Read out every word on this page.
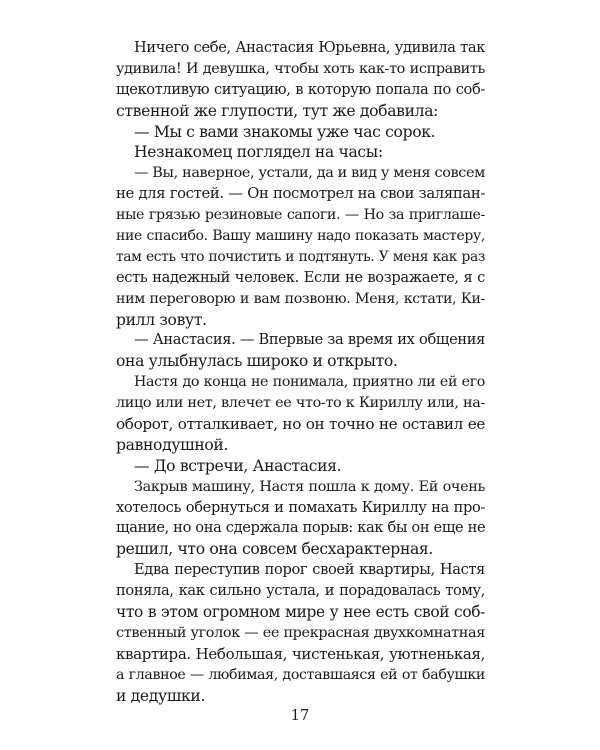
Ничего себе, Анастасия Юрьевна, удивила так
удивила! И девушка, чтобы хоть как-то исправить
щекотливую ситуацию, в которую попала по соб-
ственной же глупости, тут же добавила:
— Мы с вами знакомы уже час сорок.
Незнакомец поглядел на часы:
— Вы, наверное, устали, да и вид у меня совсем
не для гостей. — Он посмотрел на свои заляпан-
ные грязью резиновые сапоги. — Но за приглаше-
ние спасибо. Вашу машину надо показать мастеру,
там есть что почистить и подтянуть. У меня как раз
есть надежный человек. Если не возражаете, я с
ним переговорю и вам позвоню. Меня, кстати, Ки-
рилл зовут.
— Анастасия. — Впервые за время их общения
она улыбнулась широко и открыто.
Настя до конца не понимала, приятно ли ей его
лицо или нет, влечет ее что-то к Кириллу или, на-
оборот, отталкивает, но он точно не оставил ее
равнодушной.
— До встречи, Анастасия.
Закрыв машину, Настя пошла к дому. Ей очень
хотелось обернуться и помахать Кириллу на про-
щание, но она сдержала порыв: как бы он еще не
решил, что она совсем бесхарактерная.
Едва переступив порог своей квартиры, Настя
поняла, как сильно устала, и порадовалась тому,
что в этом огромном мире у нее есть свой соб-
ственный уголок — ее прекрасная двухкомнатная
квартира. Небольшая, чистенькая, уютненькая,
а главное — любимая, доставшаяся ей от бабушки
и дедушки.
17
